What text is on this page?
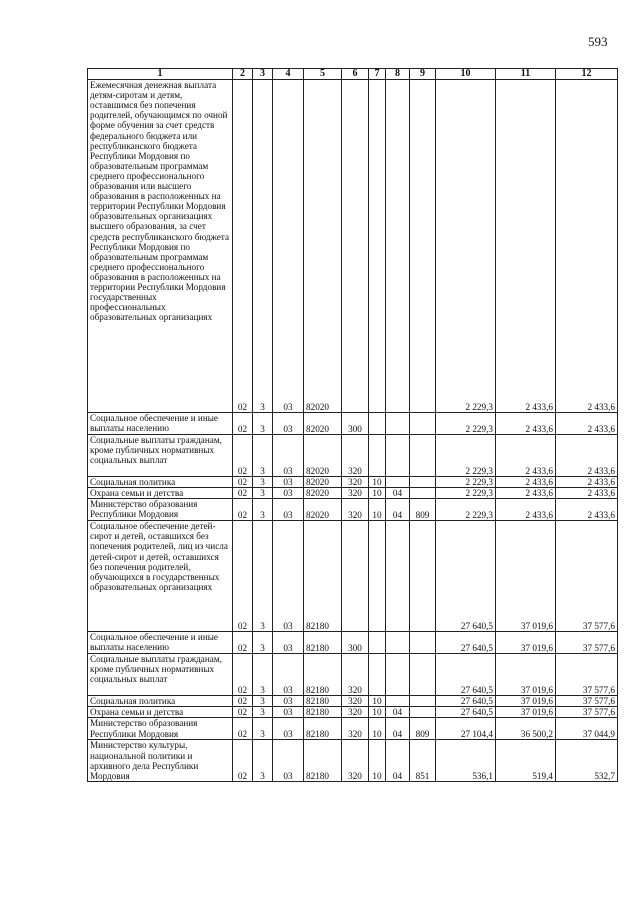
593
1	2	3	4	5	6	7	8	9	10	11	12
Ежемесячная денежная выплата детям-сиротам и детям, оставшимся без попечения родителей, обучающимся по очной форме обучения за счет средств федерального бюджета или республиканского бюджета Республики Мордовия по образовательным программам среднего профессионального образования или высшего образования в расположенных на территории Республики Мордовия образовательных организациях высшего образования, за счет средств республиканского бюджета Республики Мордовия по образовательным программам среднего профессионального образования в расположенных на территории Республики Мордовия государственных профессиональных образовательных организациях	02	3	03	82020					2 229,3	2 433,6	2 433,6
Социальное обеспечение и иные выплаты населению	02	3	03	82020	300				2 229,3	2 433,6	2 433,6
Социальные выплаты гражданам, кроме публичных нормативных социальных выплат	02	3	03	82020	320				2 229,3	2 433,6	2 433,6
Социальная политика	02	3	03	82020	320	10			2 229,3	2 433,6	2 433,6
Охрана семьи и детства	02	3	03	82020	320	10	04		2 229,3	2 433,6	2 433,6
Министерство образования Республики Мордовия	02	3	03	82020	320	10	04	809	2 229,3	2 433,6	2 433,6
Социальное обеспечение детей-сирот и детей, оставшихся без попечения родителей, лиц из числа детей-сирот и детей, оставшихся без попечения родителей, обучающихся в государственных образовательных организациях	02	3	03	82180					27 640,5	37 019,6	37 577,6
Социальное обеспечение и иные выплаты населению	02	3	03	82180	300				27 640,5	37 019,6	37 577,6
Социальные выплаты гражданам, кроме публичных нормативных социальных выплат	02	3	03	82180	320				27 640,5	37 019,6	37 577,6
Социальная политика	02	3	03	82180	320	10			27 640,5	37 019,6	37 577,6
Охрана семьи и детства	02	3	03	82180	320	10	04		27 640,5	37 019,6	37 577,6
Министерство образования Республики Мордовия	02	3	03	82180	320	10	04	809	27 104,4	36 500,2	37 044,9
Министерство культуры, национальной политики и архивного дела Республики Мордовия	02	3	03	82180	320	10	04	851	536,1	519,4	532,7
